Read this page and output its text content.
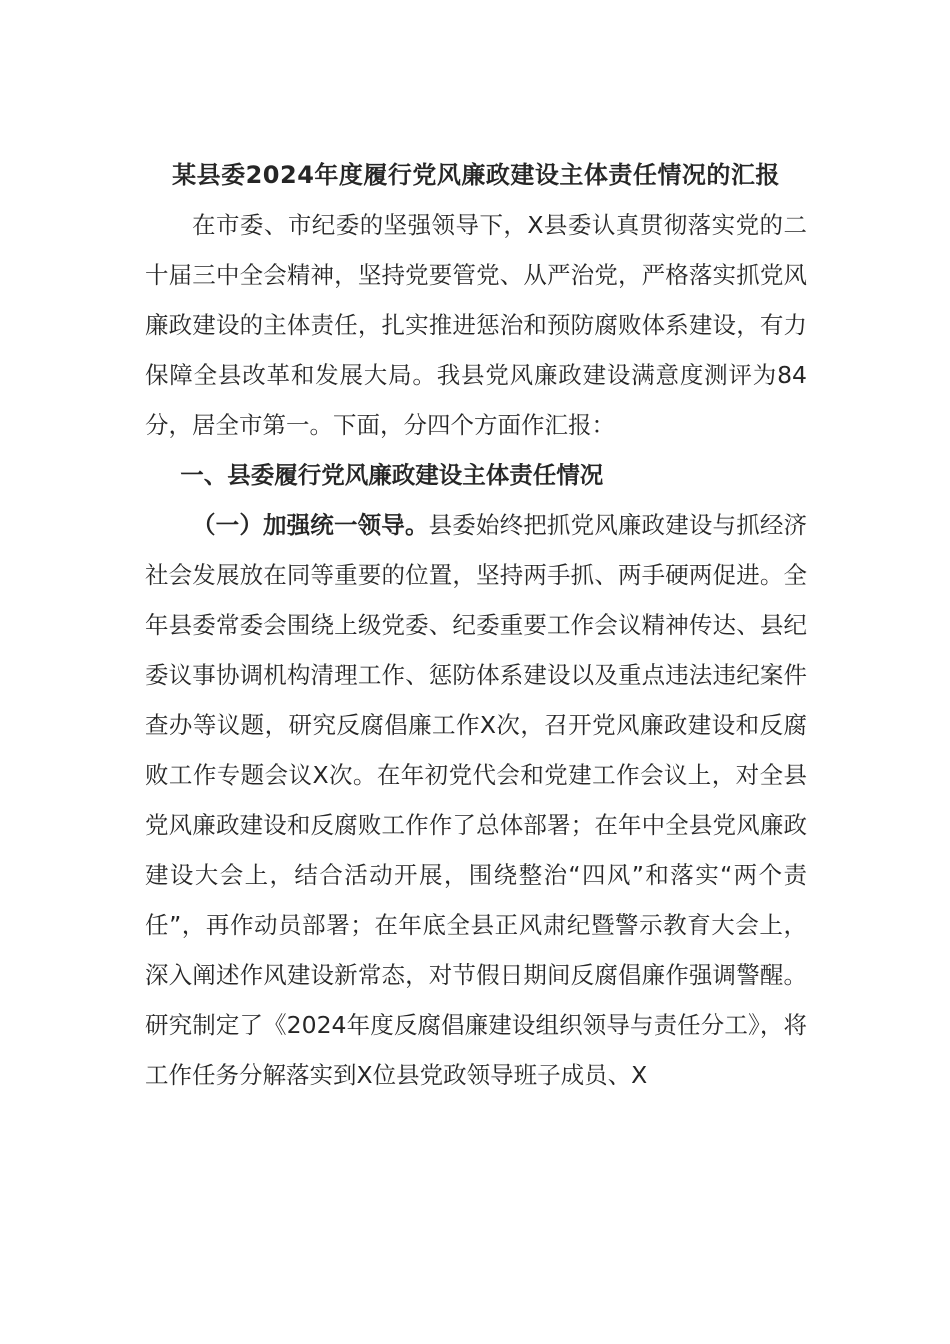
某县委2024年度履行党风廉政建设主体责任情况的汇报

在市委、市纪委的坚强领导下，X县委认真贯彻落实党的二十届三中全会精神，坚持党要管党、从严治党，严格落实抓党风廉政建设的主体责任，扎实推进惩治和预防腐败体系建设，有力保障全县改革和发展大局。我县党风廉政建设满意度测评为84分，居全市第一。下面，分四个方面作汇报：

一、县委履行党风廉政建设主体责任情况

（一）加强统一领导。县委始终把抓党风廉政建设与抓经济社会发展放在同等重要的位置，坚持两手抓、两手硬两促进。全年县委常委会围绕上级党委、纪委重要工作会议精神传达、县纪委议事协调机构清理工作、惩防体系建设以及重点违法违纪案件查办等议题，研究反腐倡廉工作X次，召开党风廉政建设和反腐败工作专题会议X次。在年初党代会和党建工作会议上，对全县党风廉政建设和反腐败工作作了总体部署；在年中全县党风廉政建设大会上，结合活动开展，围绕整治“四风”和落实“两个责任”，再作动员部署；在年底全县正风肃纪暨警示教育大会上，深入阐述作风建设新常态，对节假日期间反腐倡廉作强调警醒。研究制定了《2024年度反腐倡廉建设组织领导与责任分工》，将工作任务分解落实到X位县党政领导班子成员、X
